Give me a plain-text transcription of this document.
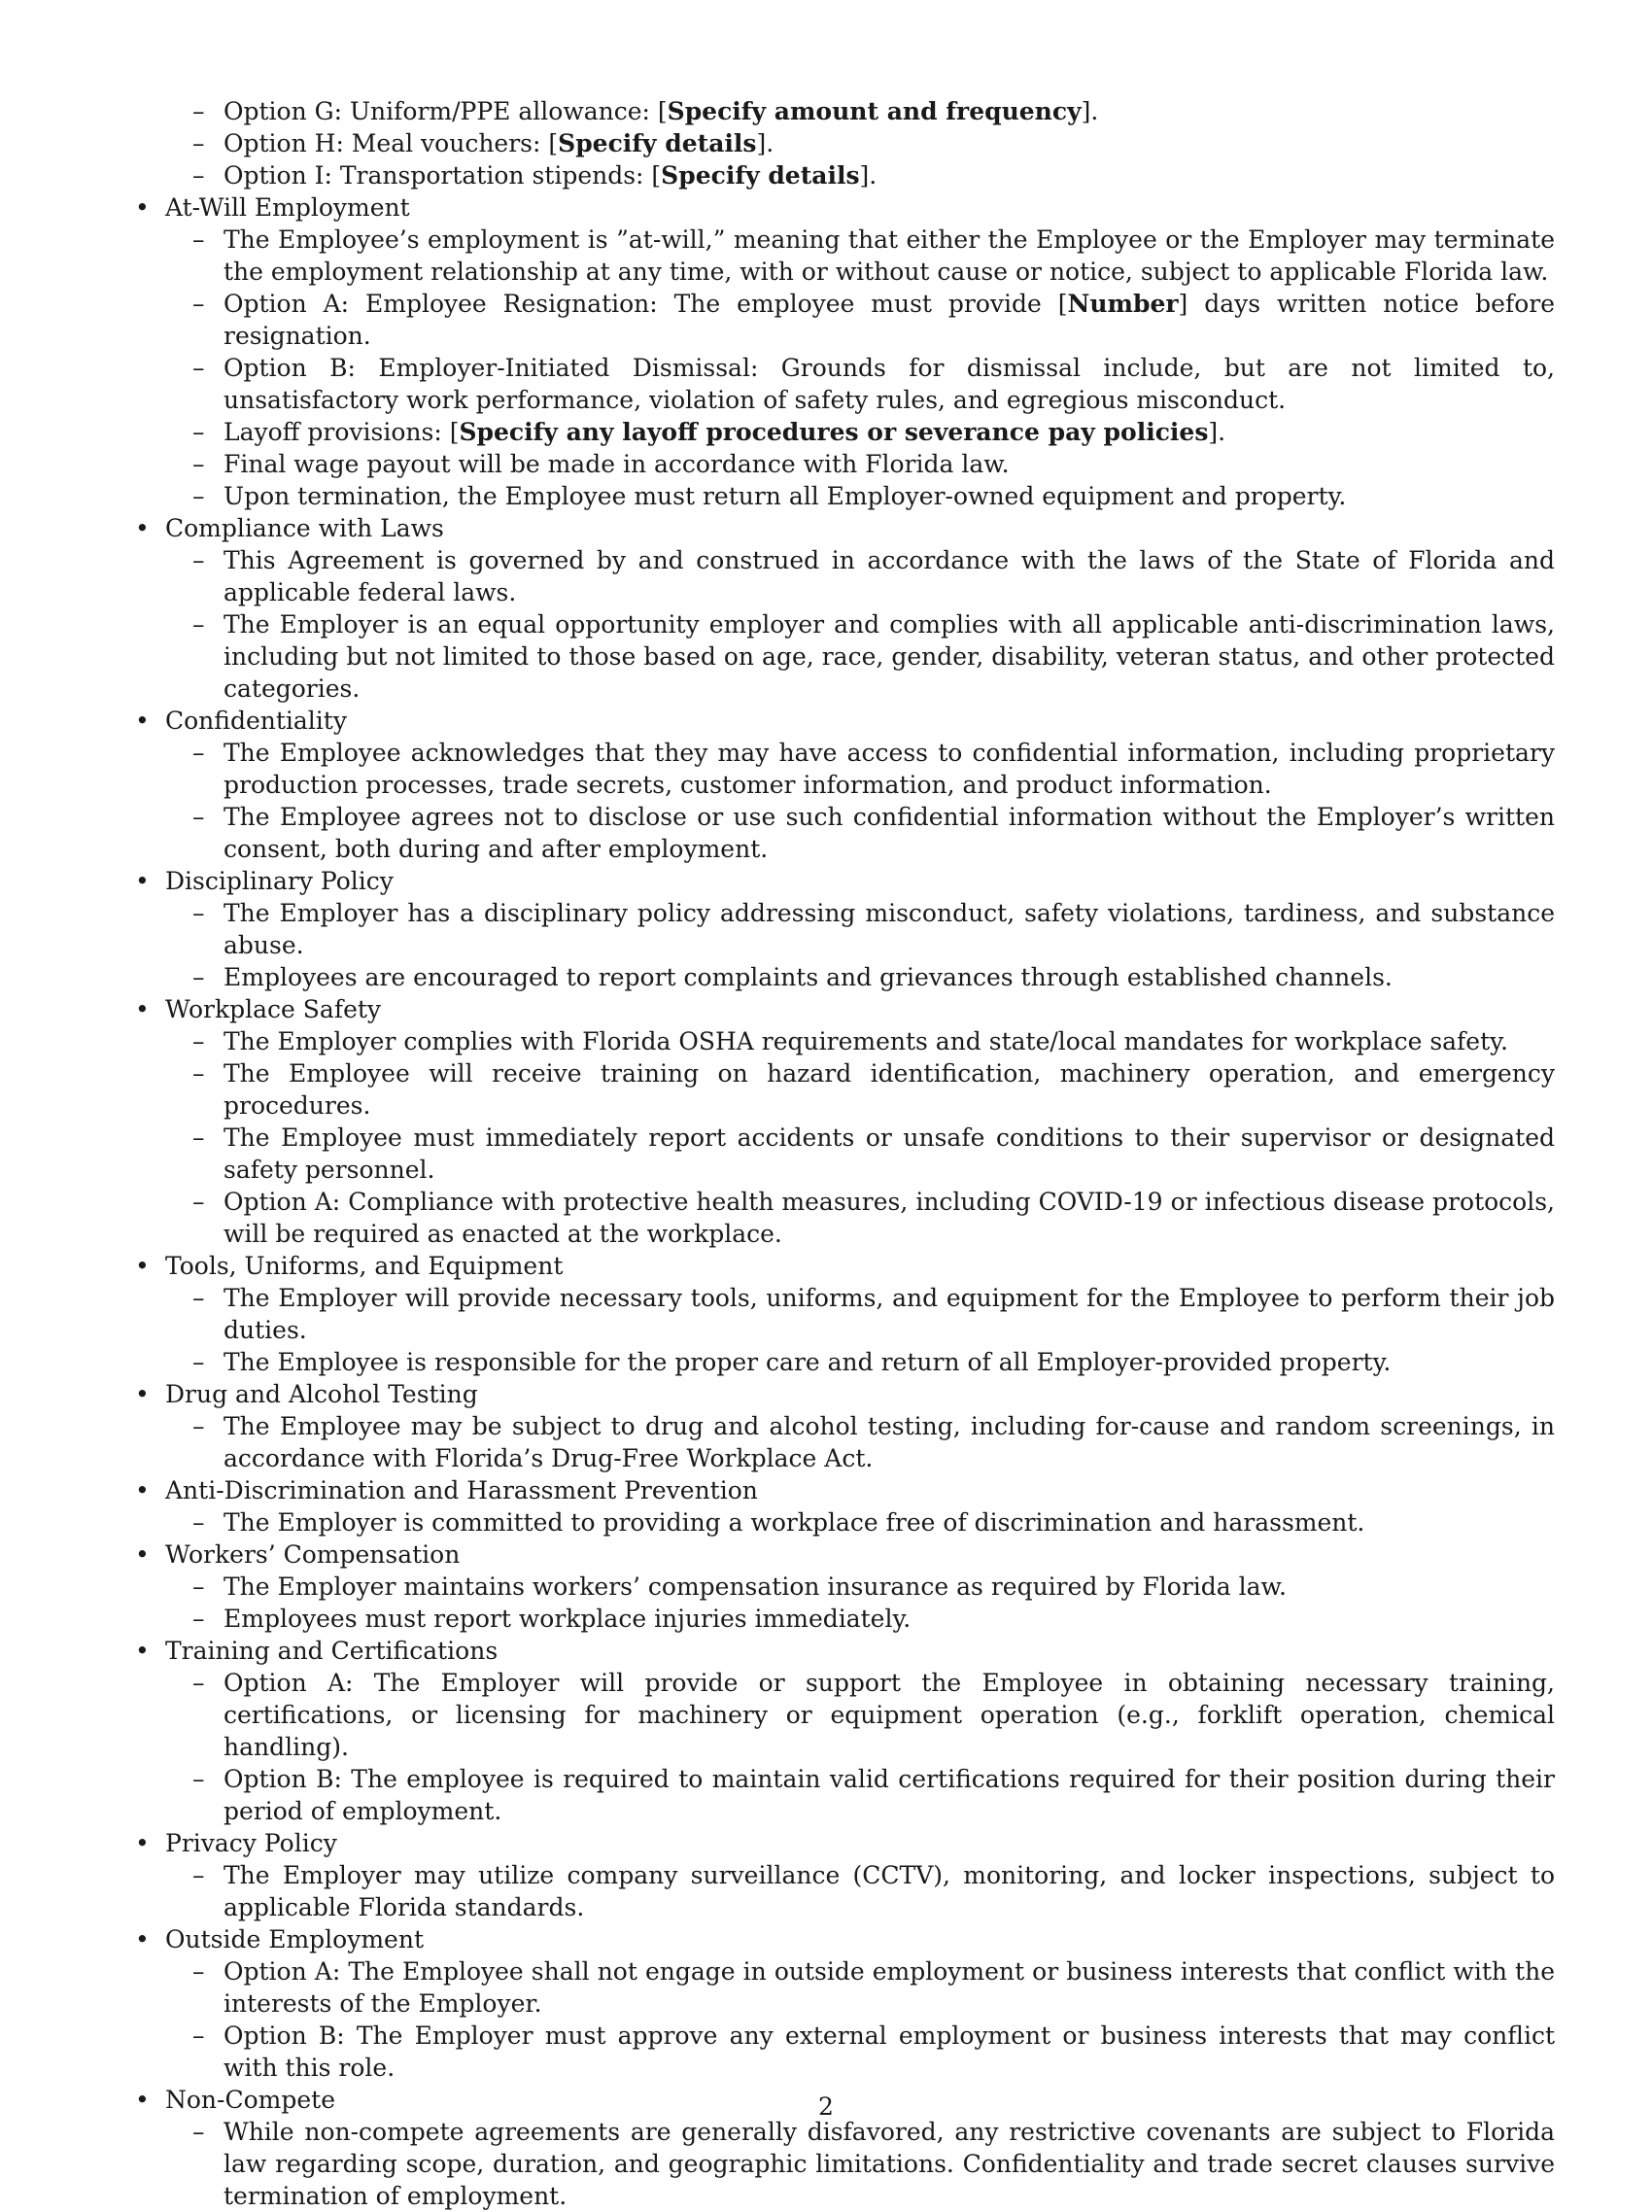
– Option G: Uniform/PPE allowance: [Specify amount and frequency].
– Option H: Meal vouchers: [Specify details].
– Option I: Transportation stipends: [Specify details].
• At-Will Employment
– The Employee’s employment is ”at-will,” meaning that either the Employee or the Employer may terminate the employment relationship at any time, with or without cause or notice, subject to applicable Florida law.
– Option A: Employee Resignation: The employee must provide [Number] days written notice before resignation.
– Option B: Employer-Initiated Dismissal: Grounds for dismissal include, but are not limited to, unsatisfactory work performance, violation of safety rules, and egregious misconduct.
– Layoff provisions: [Specify any layoff procedures or severance pay policies].
– Final wage payout will be made in accordance with Florida law.
– Upon termination, the Employee must return all Employer-owned equipment and property.
• Compliance with Laws
– This Agreement is governed by and construed in accordance with the laws of the State of Florida and applicable federal laws.
– The Employer is an equal opportunity employer and complies with all applicable anti-discrimination laws, including but not limited to those based on age, race, gender, disability, veteran status, and other protected categories.
• Confidentiality
– The Employee acknowledges that they may have access to confidential information, including proprietary production processes, trade secrets, customer information, and product information.
– The Employee agrees not to disclose or use such confidential information without the Employer’s written consent, both during and after employment.
• Disciplinary Policy
– The Employer has a disciplinary policy addressing misconduct, safety violations, tardiness, and substance abuse.
– Employees are encouraged to report complaints and grievances through established channels.
• Workplace Safety
– The Employer complies with Florida OSHA requirements and state/local mandates for workplace safety.
– The Employee will receive training on hazard identification, machinery operation, and emergency procedures.
– The Employee must immediately report accidents or unsafe conditions to their supervisor or designated safety personnel.
– Option A: Compliance with protective health measures, including COVID-19 or infectious disease protocols, will be required as enacted at the workplace.
• Tools, Uniforms, and Equipment
– The Employer will provide necessary tools, uniforms, and equipment for the Employee to perform their job duties.
– The Employee is responsible for the proper care and return of all Employer-provided property.
• Drug and Alcohol Testing
– The Employee may be subject to drug and alcohol testing, including for-cause and random screenings, in accordance with Florida’s Drug-Free Workplace Act.
• Anti-Discrimination and Harassment Prevention
– The Employer is committed to providing a workplace free of discrimination and harassment.
• Workers’ Compensation
– The Employer maintains workers’ compensation insurance as required by Florida law.
– Employees must report workplace injuries immediately.
• Training and Certifications
– Option A: The Employer will provide or support the Employee in obtaining necessary training, certifications, or licensing for machinery or equipment operation (e.g., forklift operation, chemical handling).
– Option B: The employee is required to maintain valid certifications required for their position during their period of employment.
• Privacy Policy
– The Employer may utilize company surveillance (CCTV), monitoring, and locker inspections, subject to applicable Florida standards.
• Outside Employment
– Option A: The Employee shall not engage in outside employment or business interests that conflict with the interests of the Employer.
– Option B: The Employer must approve any external employment or business interests that may conflict with this role.
• Non-Compete
– While non-compete agreements are generally disfavored, any restrictive covenants are subject to Florida law regarding scope, duration, and geographic limitations. Confidentiality and trade secret clauses survive termination of employment.
2
